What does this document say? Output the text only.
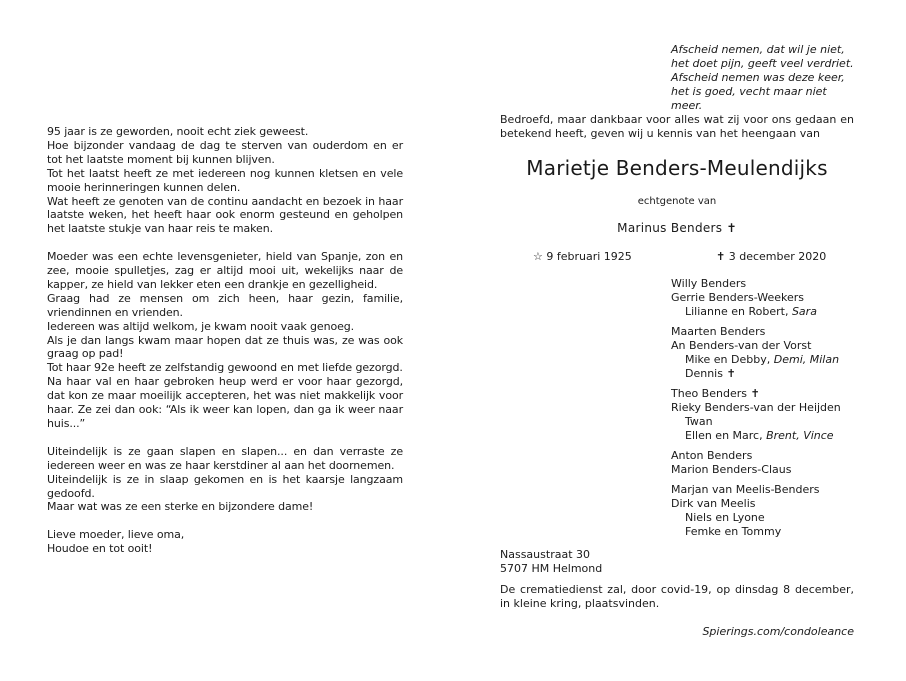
95 jaar is ze geworden, nooit echt ziek geweest.

Hoe bijzonder vandaag de dag te sterven van ouderdom en er tot het laatste moment bij kunnen blijven.

Tot het laatst heeft ze met iedereen nog kunnen kletsen en vele mooie herinneringen kunnen delen.

Wat heeft ze genoten van de continu aandacht en bezoek in haar laatste weken, het heeft haar ook enorm gesteund en geholpen het laatste stukje van haar reis te maken.

Moeder was een echte levensgenieter, hield van Spanje, zon en zee, mooie spulletjes, zag er altijd mooi uit, wekelijks naar de kapper, ze hield van lekker eten een drankje en gezelligheid.

Graag had ze mensen om zich heen, haar gezin, familie, vriendinnen en vrienden.

Iedereen was altijd welkom, je kwam nooit vaak genoeg.

Als je dan langs kwam maar hopen dat ze thuis was, ze was ook graag op pad!

Tot haar 92e heeft ze zelfstandig gewoond en met liefde gezorgd.

Na haar val en haar gebroken heup werd er voor haar gezorgd, dat kon ze maar moeilijk accepteren, het was niet makkelijk voor haar. Ze zei dan ook: “Als ik weer kan lopen, dan ga ik weer naar huis...”

Uiteindelijk is ze gaan slapen en slapen... en dan verraste ze iedereen weer en was ze haar kerstdiner al aan het doornemen.

Uiteindelijk is ze in slaap gekomen en is het kaarsje langzaam gedoofd.

Maar wat was ze een sterke en bijzondere dame!

Lieve moeder, lieve oma,

Houdoe en tot ooit!

Afscheid nemen, dat wil je niet,
het doet pijn, geeft veel verdriet.
Afscheid nemen was deze keer,
het is goed, vecht maar niet meer.
Bedroefd, maar dankbaar voor alles wat zij voor ons gedaan en betekend heeft, geven wij u kennis van het heengaan van
Marietje Benders-Meulendijks
echtgenote van
Marinus Benders ✝
☆ 9 februari 1925	✝ 3 december 2020
Willy Benders
Gerrie Benders-Weekers
Lilianne en Robert, Sara
Maarten Benders
An Benders-van der Vorst
Mike en Debby, Demi, Milan
Dennis ✝
Theo Benders ✝
Rieky Benders-van der Heijden
Twan
Ellen en Marc, Brent, Vince
Anton Benders
Marion Benders-Claus
Marjan van Meelis-Benders
Dirk van Meelis
Niels en Lyone
Femke en Tommy
Nassaustraat 30
5707 HM Helmond
De crematiedienst zal, door covid-19, op dinsdag 8 december, in kleine kring, plaatsvinden.
Spierings.com/condoleance
